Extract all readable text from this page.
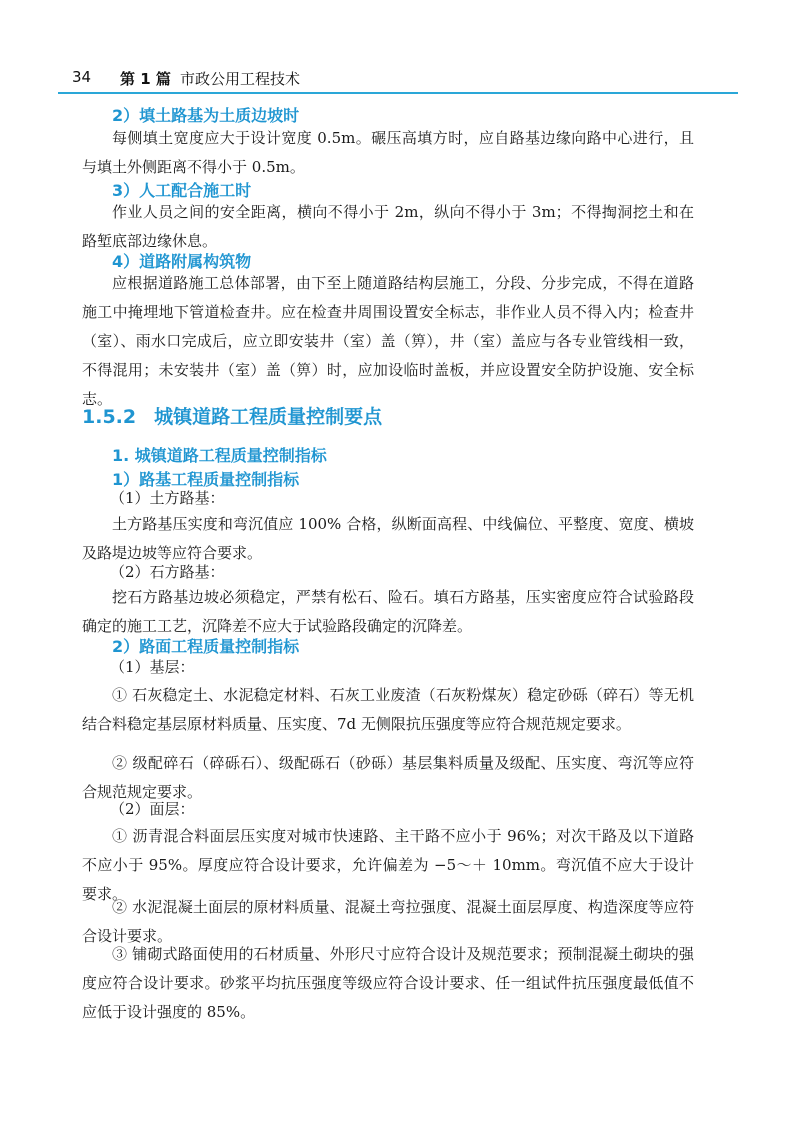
34 第 1 篇 市政公用工程技术
2）填土路基为土质边坡时
每侧填土宽度应大于设计宽度 0.5m。碾压高填方时，应自路基边缘向路中心进行，且与填土外侧距离不得小于 0.5m。
3）人工配合施工时
作业人员之间的安全距离，横向不得小于 2m，纵向不得小于 3m；不得掏洞挖土和在路堑底部边缘休息。
4）道路附属构筑物
应根据道路施工总体部署，由下至上随道路结构层施工，分段、分步完成，不得在道路施工中掩埋地下管道检查井。应在检查井周围设置安全标志，非作业人员不得入内；检查井（室）、雨水口完成后，应立即安装井（室）盖（箅），井（室）盖应与各专业管线相一致，不得混用；未安装井（室）盖（箅）时，应加设临时盖板，并应设置安全防护设施、安全标志。
1.5.2 城镇道路工程质量控制要点
1. 城镇道路工程质量控制指标
1）路基工程质量控制指标
（1）土方路基：
土方路基压实度和弯沉值应 100% 合格，纵断面高程、中线偏位、平整度、宽度、横坡及路堤边坡等应符合要求。
（2）石方路基：
挖石方路基边坡必须稳定，严禁有松石、险石。填石方路基，压实密度应符合试验路段确定的施工工艺，沉降差不应大于试验路段确定的沉降差。
2）路面工程质量控制指标
（1）基层：
① 石灰稳定土、水泥稳定材料、石灰工业废渣（石灰粉煤灰）稳定砂砾（碎石）等无机结合料稳定基层原材料质量、压实度、7d 无侧限抗压强度等应符合规范规定要求。
② 级配碎石（碎砾石）、级配砾石（砂砾）基层集料质量及级配、压实度、弯沉等应符合规范规定要求。
（2）面层：
① 沥青混合料面层压实度对城市快速路、主干路不应小于 96%；对次干路及以下道路不应小于 95%。厚度应符合设计要求，允许偏差为 −5～＋ 10mm。弯沉值不应大于设计要求。
② 水泥混凝土面层的原材料质量、混凝土弯拉强度、混凝土面层厚度、构造深度等应符合设计要求。
③ 铺砌式路面使用的石材质量、外形尺寸应符合设计及规范要求；预制混凝土砌块的强度应符合设计要求。砂浆平均抗压强度等级应符合设计要求、任一组试件抗压强度最低值不应低于设计强度的 85%。
